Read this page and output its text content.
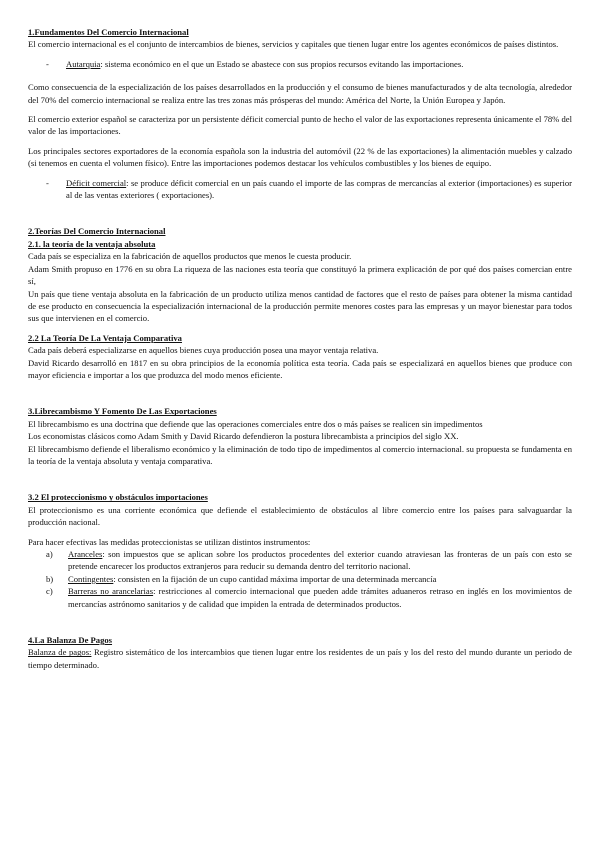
1.Fundamentos Del Comercio Internacional

El comercio internacional es el conjunto de intercambios de bienes, servicios y capitales que tienen lugar entre los agentes económicos de países distintos.

-	Autarquia: sistema económico en el que un Estado se abastece con sus propios recursos evitando las importaciones.

Como consecuencia de la especialización de los países desarrollados en la producción y el consumo de bienes manufacturados y de alta tecnología, alrededor del 70% del comercio internacional se realiza entre las tres zonas más prósperas del mundo: América del Norte, la Unión Europea y Japón.

El comercio exterior español se caracteriza por un persistente déficit comercial punto de hecho el valor de las exportaciones representa únicamente el 78% del valor de las importaciones.

Los principales sectores exportadores de la economía española son la industria del automóvil (22 % de las exportaciones) la alimentación muebles y calzado (si tenemos en cuenta el volumen físico). Entre las importaciones podemos destacar los vehículos combustibles y los bienes de equipo.

-	Déficit comercial: se produce déficit comercial en un país cuando el importe de las compras de mercancías al exterior (importaciones) es superior al de las ventas exteriores ( exportaciones).

2.Teorías Del Comercio Internacional

2.1. la teoría de la ventaja absoluta

Cada país se especializa en la fabricación de aquellos productos que menos le cuesta producir.

Adam Smith propuso en 1776 en su obra La riqueza de las naciones esta teoría que constituyó la primera explicación de por qué dos países comercian entre sí,

Un país que tiene ventaja absoluta en la fabricación de un producto utiliza menos cantidad de factores que el resto de países para obtener la misma cantidad de ese producto en consecuencia la especialización internacional de la producción permite menores costes para las empresas y un mayor bienestar para todos sus que intervienen en el comercio.

2.2 La Teoría De La Ventaja Comparativa

Cada país deberá especializarse en aquellos bienes cuya producción posea una mayor ventaja relativa.

David Ricardo desarrolló en 1817 en su obra principios de la economía política esta teoría. Cada país se especializará en aquellos bienes que produce con mayor eficiencia e importar a los que produzca del modo menos eficiente.

3.Librecambismo Y Fomento De Las Exportaciones

El librecambismo es una doctrina que defiende que las operaciones comerciales entre dos o más países se realicen sin impedimentos

Los economistas clásicos como Adam Smith y David Ricardo defendieron la postura librecambista a principios del siglo XX.

El librecambismo defiende el liberalismo económico y la eliminación de todo tipo de impedimentos al comercio internacional. su propuesta se fundamenta en la teoría de la ventaja absoluta y ventaja comparativa.

3.2 El proteccionismo y obstáculos importaciones

El proteccionismo es una corriente económica que defiende el establecimiento de obstáculos al libre comercio entre los países para salvaguardar la producción nacional.

Para hacer efectivas las medidas proteccionistas se utilizan distintos instrumentos:

a)	Aranceles: son impuestos que se aplican sobre los productos procedentes del exterior cuando atraviesan las fronteras de un país con esto se pretende encarecer los productos extranjeros para reducir su demanda dentro del territorio nacional.
b)	Contingentes: consisten en la fijación de un cupo cantidad máxima importar de una determinada mercancía
c)	Barreras no arancelarias: restricciones al comercio internacional que pueden adde trámites aduaneros retraso en inglés en los movimientos de mercancías astrónomo sanitarios y de calidad que impiden la entrada de determinados productos.

4.La Balanza De Pagos

Balanza de pagos: Registro sistemático de los intercambios que tienen lugar entre los residentes de un país y los del resto del mundo durante un periodo de tiempo determinado.
